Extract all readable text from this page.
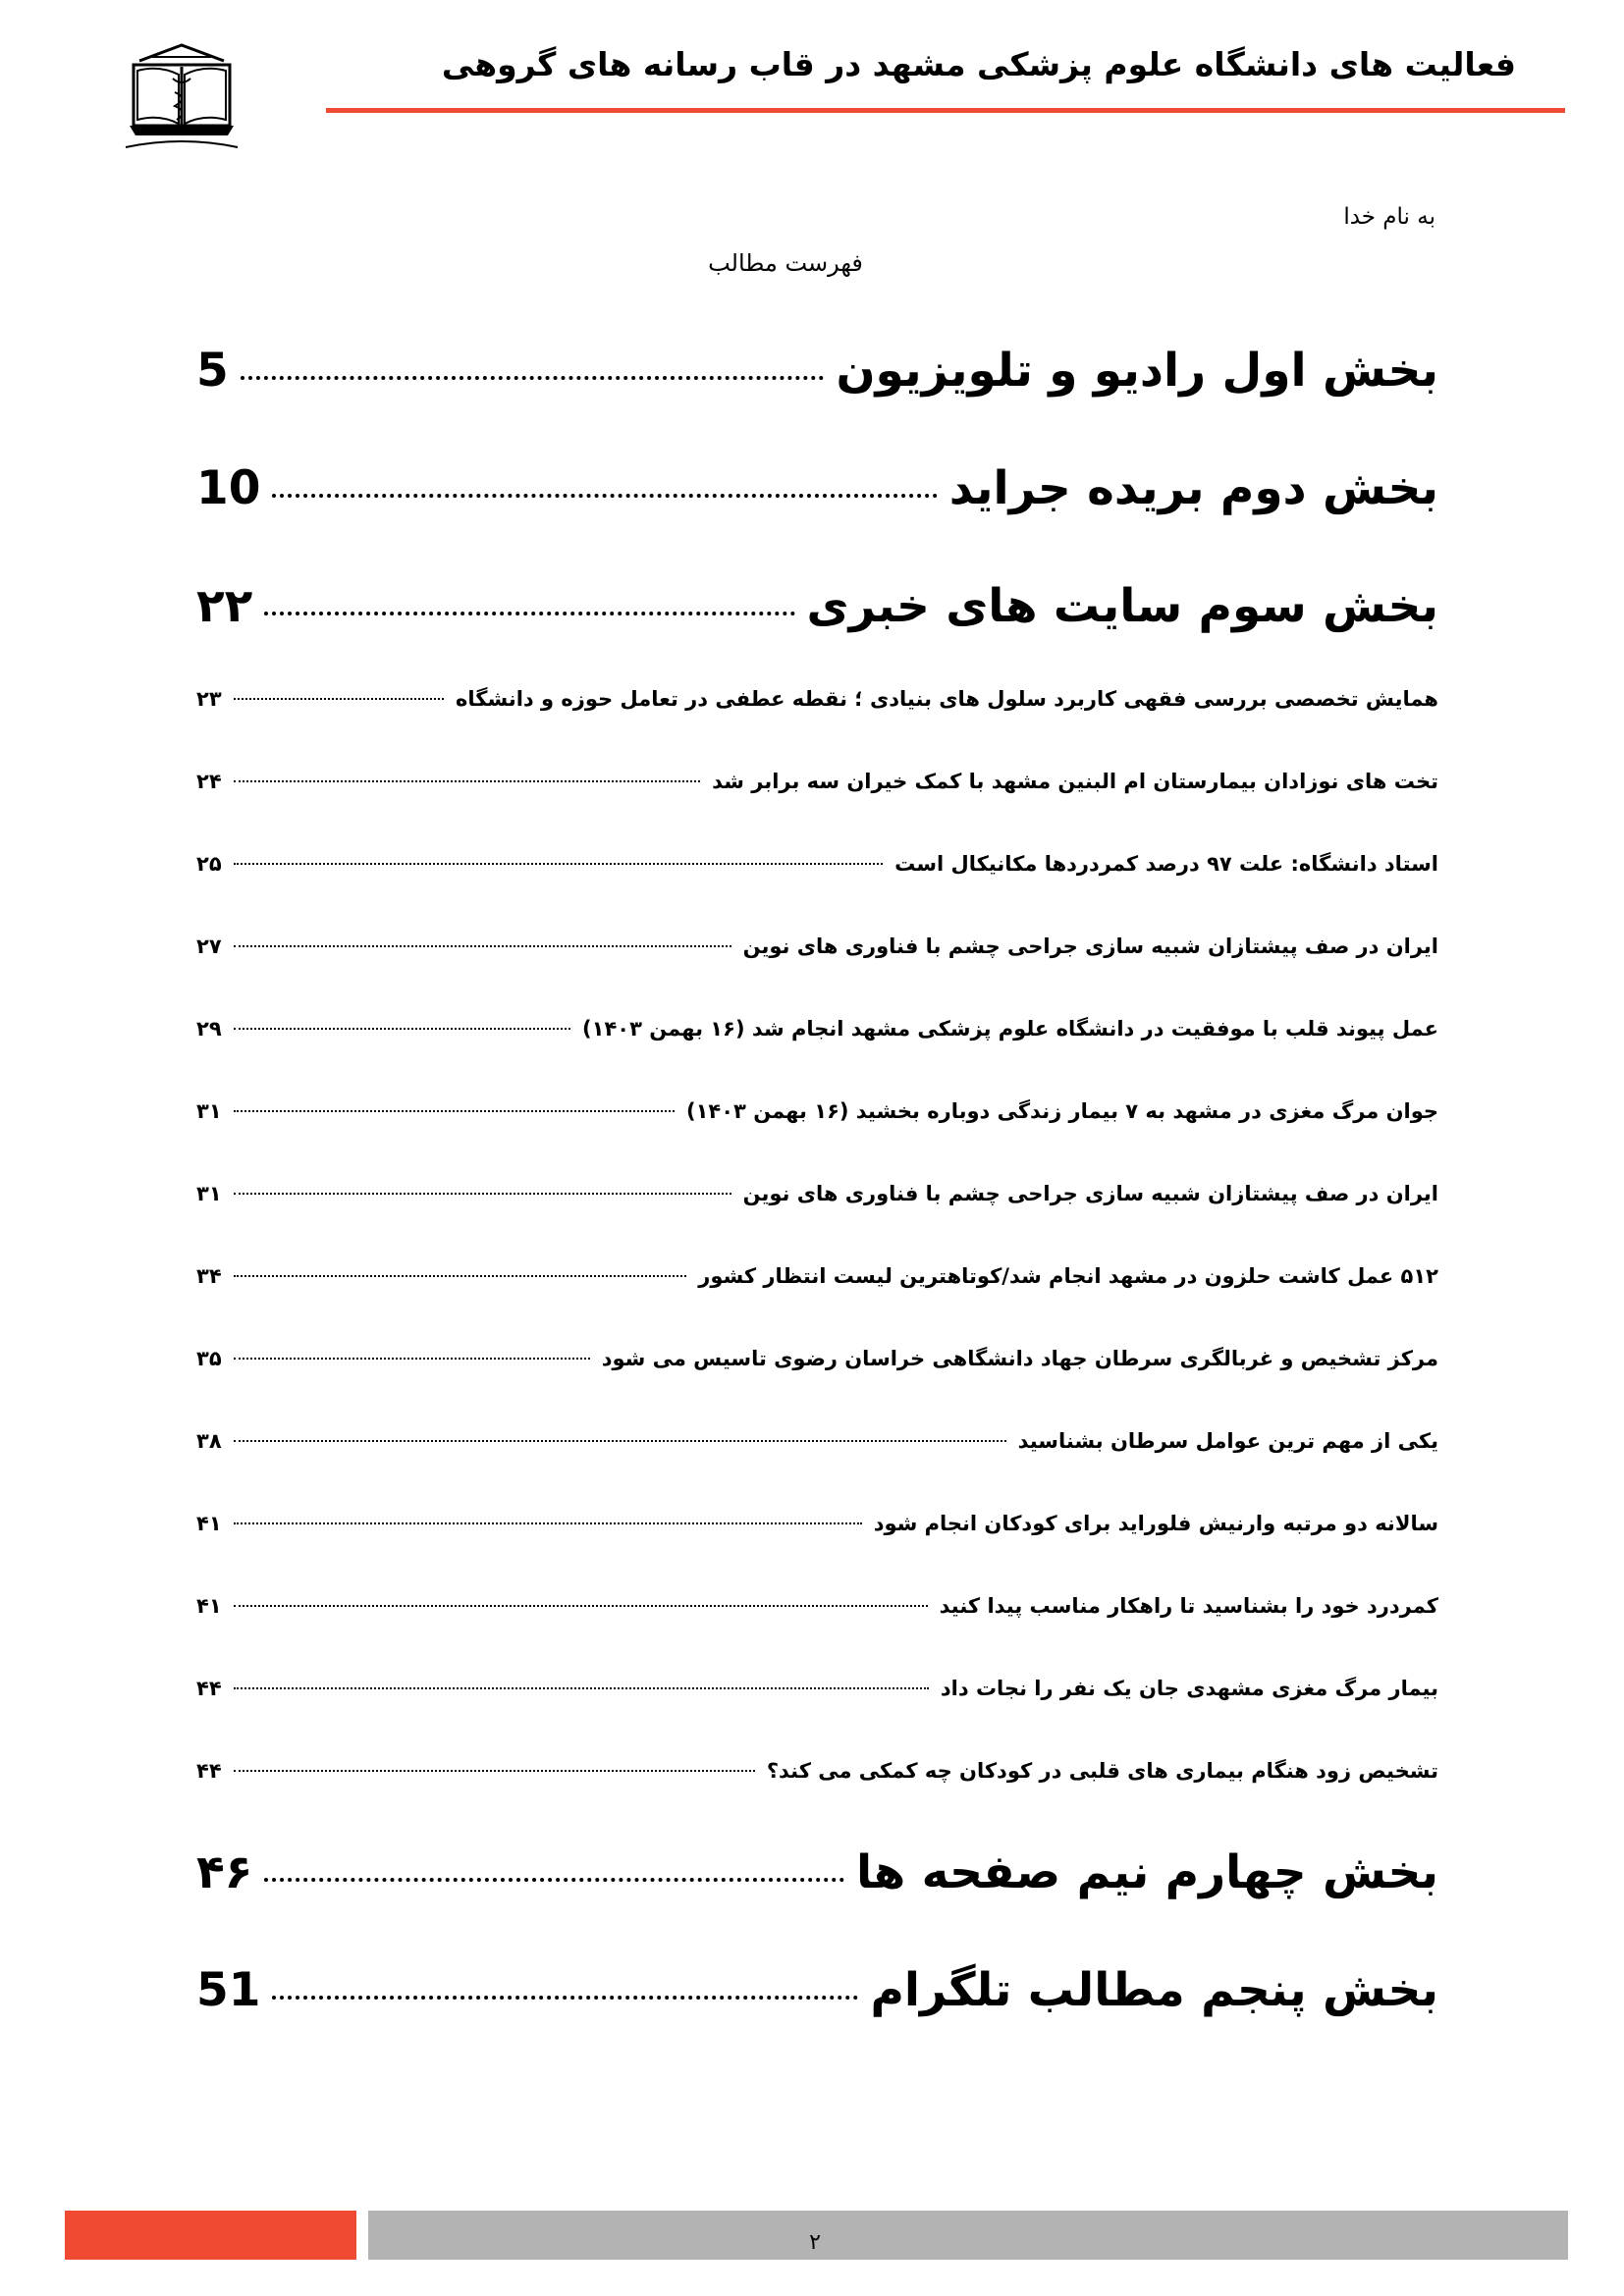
فعالیت های دانشگاه علوم پزشکی مشهد در قاب رسانه های گروهی
به نام خدا
فهرست مطالب
بخش اول رادیو و تلویزیون
5
بخش دوم بریده جراید
10
بخش سوم سایت های خبری
۲۲
همایش تخصصی بررسی فقهی کاربرد سلول های بنیادی ؛ نقطه عطفی در تعامل حوزه و دانشگاه
۲۳
تخت های نوزادان بیمارستان ام البنین مشهد با کمک خیران سه برابر شد
۲۴
استاد دانشگاه: علت ۹۷ درصد کمردردها مکانیکال است
۲۵
ایران در صف پیشتازان شبیه سازی جراحی چشم با فناوری های نوین
۲۷
عمل پیوند قلب با موفقیت در دانشگاه علوم پزشکی مشهد انجام شد (۱۶ بهمن ۱۴۰۳)
۲۹
جوان مرگ مغزی در مشهد به ۷ بیمار زندگی دوباره بخشید (۱۶ بهمن ۱۴۰۳)
۳۱
ایران در صف پیشتازان شبیه سازی جراحی چشم با فناوری های نوین
۳۱
۵۱۲ عمل کاشت حلزون در مشهد انجام شد/کوتاهترین لیست انتظار کشور
۳۴
مرکز تشخیص و غربالگری سرطان جهاد دانشگاهی خراسان رضوی تاسیس می شود
۳۵
یکی از مهم ترین عوامل سرطان بشناسید
۳۸
سالانه دو مرتبه وارنیش فلوراید برای کودکان انجام شود
۴۱
کمردرد خود را بشناسید تا راهکار مناسب پیدا کنید
۴۱
بیمار مرگ مغزی مشهدی جان یک نفر را نجات داد
۴۴
تشخیص زود هنگام بیماری های قلبی در کودکان چه کمکی می کند؟
۴۴
بخش چهارم نیم صفحه ها
۴۶
بخش پنجم مطالب تلگرام
51
۲
